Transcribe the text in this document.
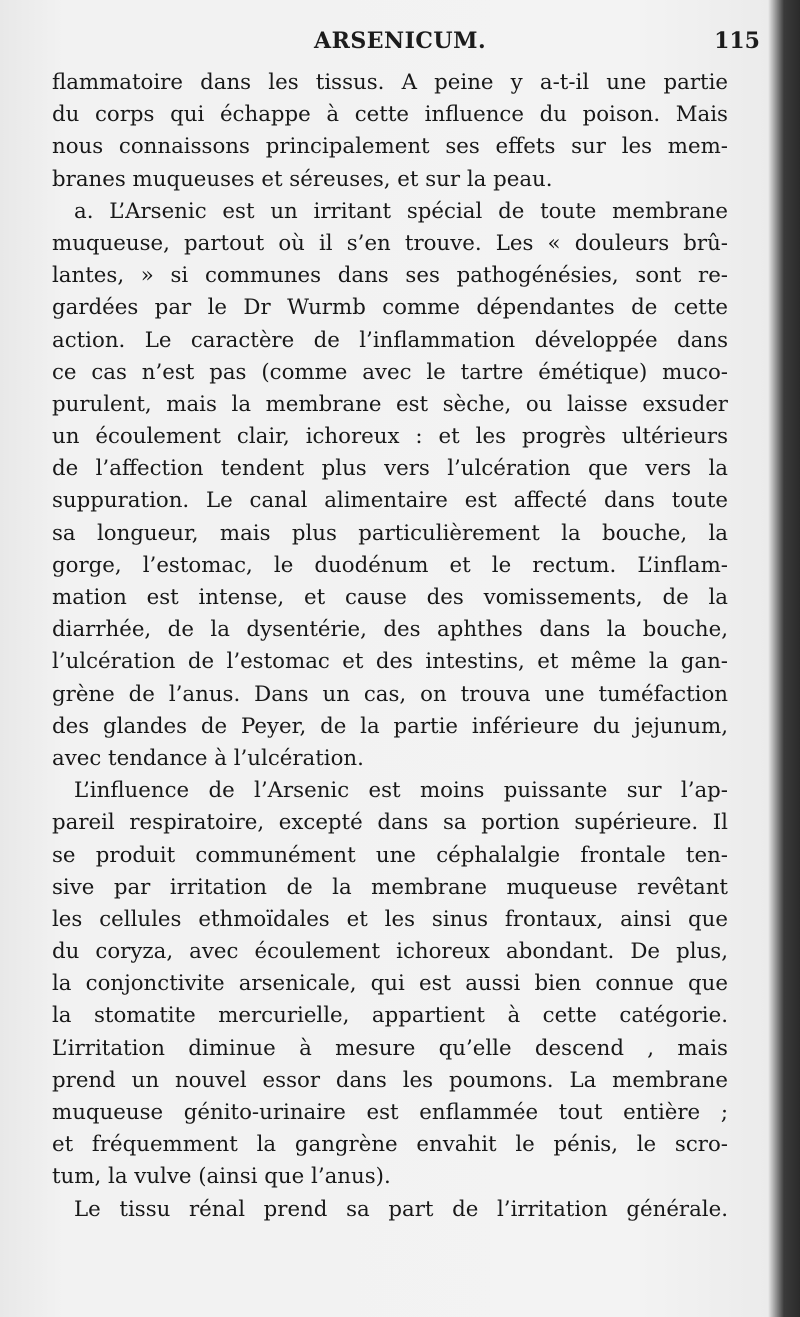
ARSENICUM.	115
flammatoire dans les tissus. A peine y a-t-il une partie
du corps qui échappe à cette influence du poison. Mais
nous connaissons principalement ses effets sur les mem-
branes muqueuses et séreuses, et sur la peau.
a. L’Arsenic est un irritant spécial de toute membrane
muqueuse, partout où il s’en trouve. Les « douleurs brû-
lantes, » si communes dans ses pathogénésies, sont re-
gardées par le Dr Wurmb comme dépendantes de cette
action. Le caractère de l’inflammation développée dans
ce cas n’est pas (comme avec le tartre émétique) muco-
purulent, mais la membrane est sèche, ou laisse exsuder
un écoulement clair, ichoreux : et les progrès ultérieurs
de l’affection tendent plus vers l’ulcération que vers la
suppuration. Le canal alimentaire est affecté dans toute
sa longueur, mais plus particulièrement la bouche, la
gorge, l’estomac, le duodénum et le rectum. L’inflam-
mation est intense, et cause des vomissements, de la
diarrhée, de la dysentérie, des aphthes dans la bouche,
l’ulcération de l’estomac et des intestins, et même la gan-
grène de l’anus. Dans un cas, on trouva une tuméfaction
des glandes de Peyer, de la partie inférieure du jejunum,
avec tendance à l’ulcération.
L’influence de l’Arsenic est moins puissante sur l’ap-
pareil respiratoire, excepté dans sa portion supérieure. Il
se produit communément une céphalalgie frontale ten-
sive par irritation de la membrane muqueuse revêtant
les cellules ethmoïdales et les sinus frontaux, ainsi que
du coryza, avec écoulement ichoreux abondant. De plus,
la conjonctivite arsenicale, qui est aussi bien connue que
la stomatite mercurielle, appartient à cette catégorie.
L’irritation diminue à mesure qu’elle descend , mais
prend un nouvel essor dans les poumons. La membrane
muqueuse génito-urinaire est enflammée tout entière ;
et fréquemment la gangrène envahit le pénis, le scro-
tum, la vulve (ainsi que l’anus).
Le tissu rénal prend sa part de l’irritation générale.
